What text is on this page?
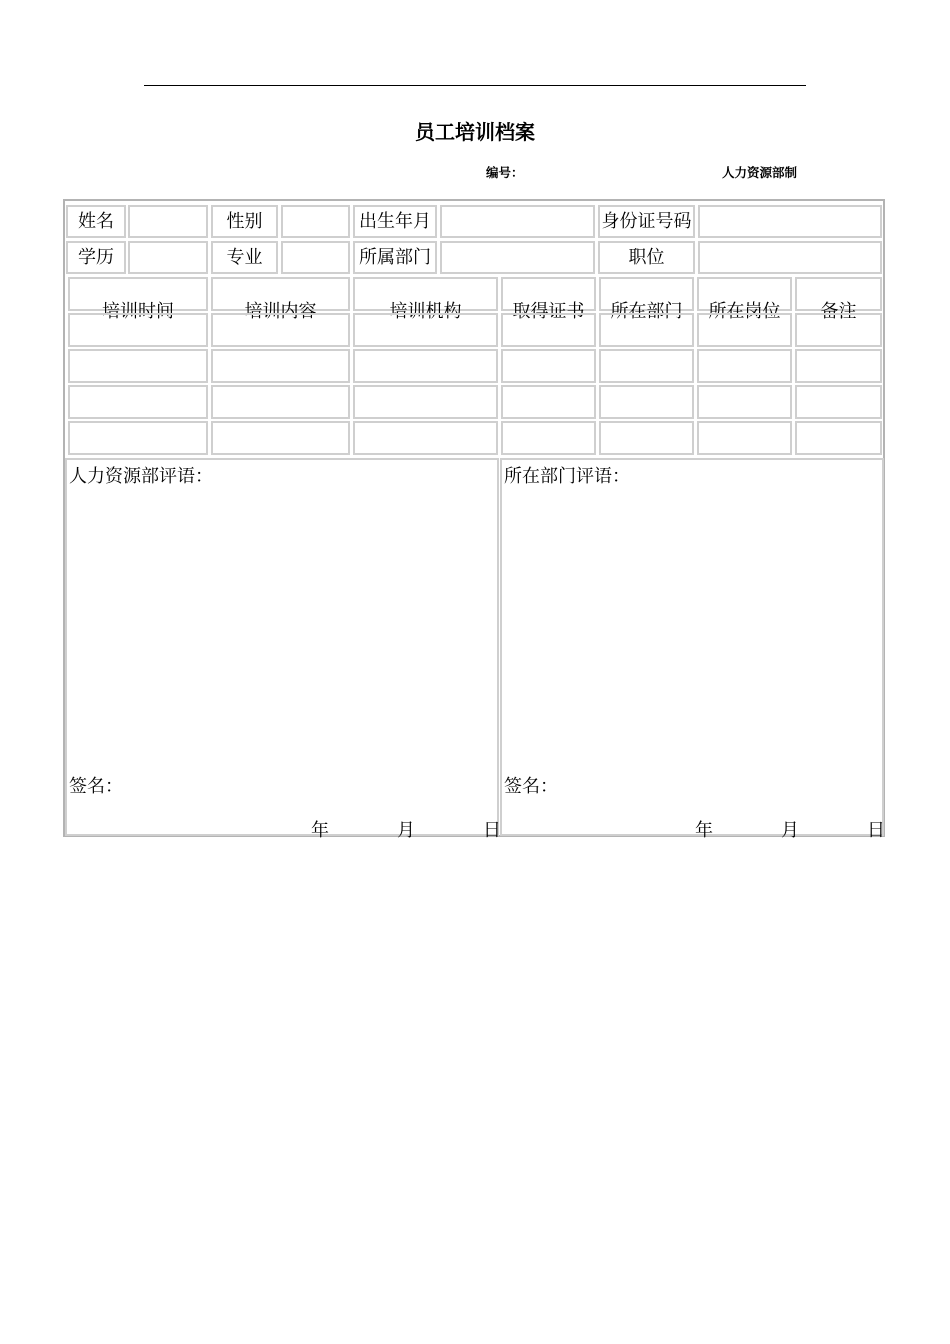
员工培训档案
编号：	人力资源部制
姓名	性别	出生年月	身份证号码
学历	专业	所属部门	职位
培训时间	培训内容	培训机构	取得证书 所在部门 所在岗位 备注
人力资源部评语：
签名：
年	月	日
所在部门评语：
签名：
年	月	日
